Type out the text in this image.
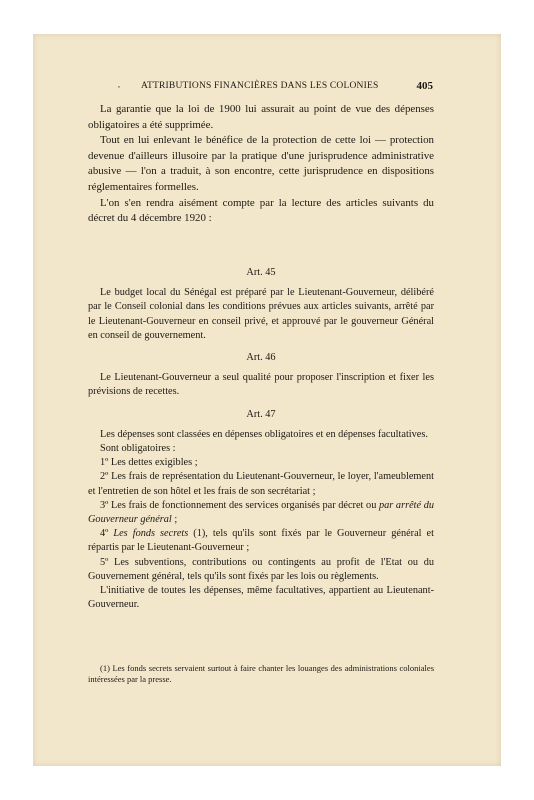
, ATTRIBUTIONS FINANCIÈRES DANS LES COLONIES	405

La garantie que la loi de 1900 lui assurait au point de vue des dépenses obligatoires a été supprimée.

Tout en lui enlevant le bénéfice de la protection de cette loi — protection devenue d'ailleurs illusoire par la pratique d'une jurisprudence administrative abusive — l'on a traduit, à son encontre, cette jurisprudence en dispositions réglementaires formelles.

L'on s'en rendra aisément compte par la lecture des articles suivants du décret du 4 décembre 1920 :

Art. 45

Le budget local du Sénégal est préparé par le Lieutenant-Gouverneur, délibéré par le Conseil colonial dans les conditions prévues aux articles suivants, arrêté par le Lieutenant-Gouverneur en conseil privé, et approuvé par le gouverneur Général en conseil de gouvernement.

Art. 46

Le Lieutenant-Gouverneur a seul qualité pour proposer l'inscription et fixer les prévisions de recettes.

Art. 47

Les dépenses sont classées en dépenses obligatoires et en dépenses facultatives.

Sont obligatoires :

1º Les dettes exigibles ;

2º Les frais de représentation du Lieutenant-Gouverneur, le loyer, l'ameublement et l'entretien de son hôtel et les frais de son secrétariat ;

3º Les frais de fonctionnement des services organisés par décret ou par arrêté du Gouverneur général ;

4º Les fonds secrets (1), tels qu'ils sont fixés par le Gouverneur général et répartis par le Lieutenant-Gouverneur ;

5º Les subventions, contributions ou contingents au profit de l'Etat ou du Gouvernement général, tels qu'ils sont fixés par les lois ou règlements.

L'initiative de toutes les dépenses, même facultatives, appartient au Lieutenant-Gouverneur.

(1) Les fonds secrets servaient surtout à faire chanter les louanges des administrations coloniales intéressées par la presse.
